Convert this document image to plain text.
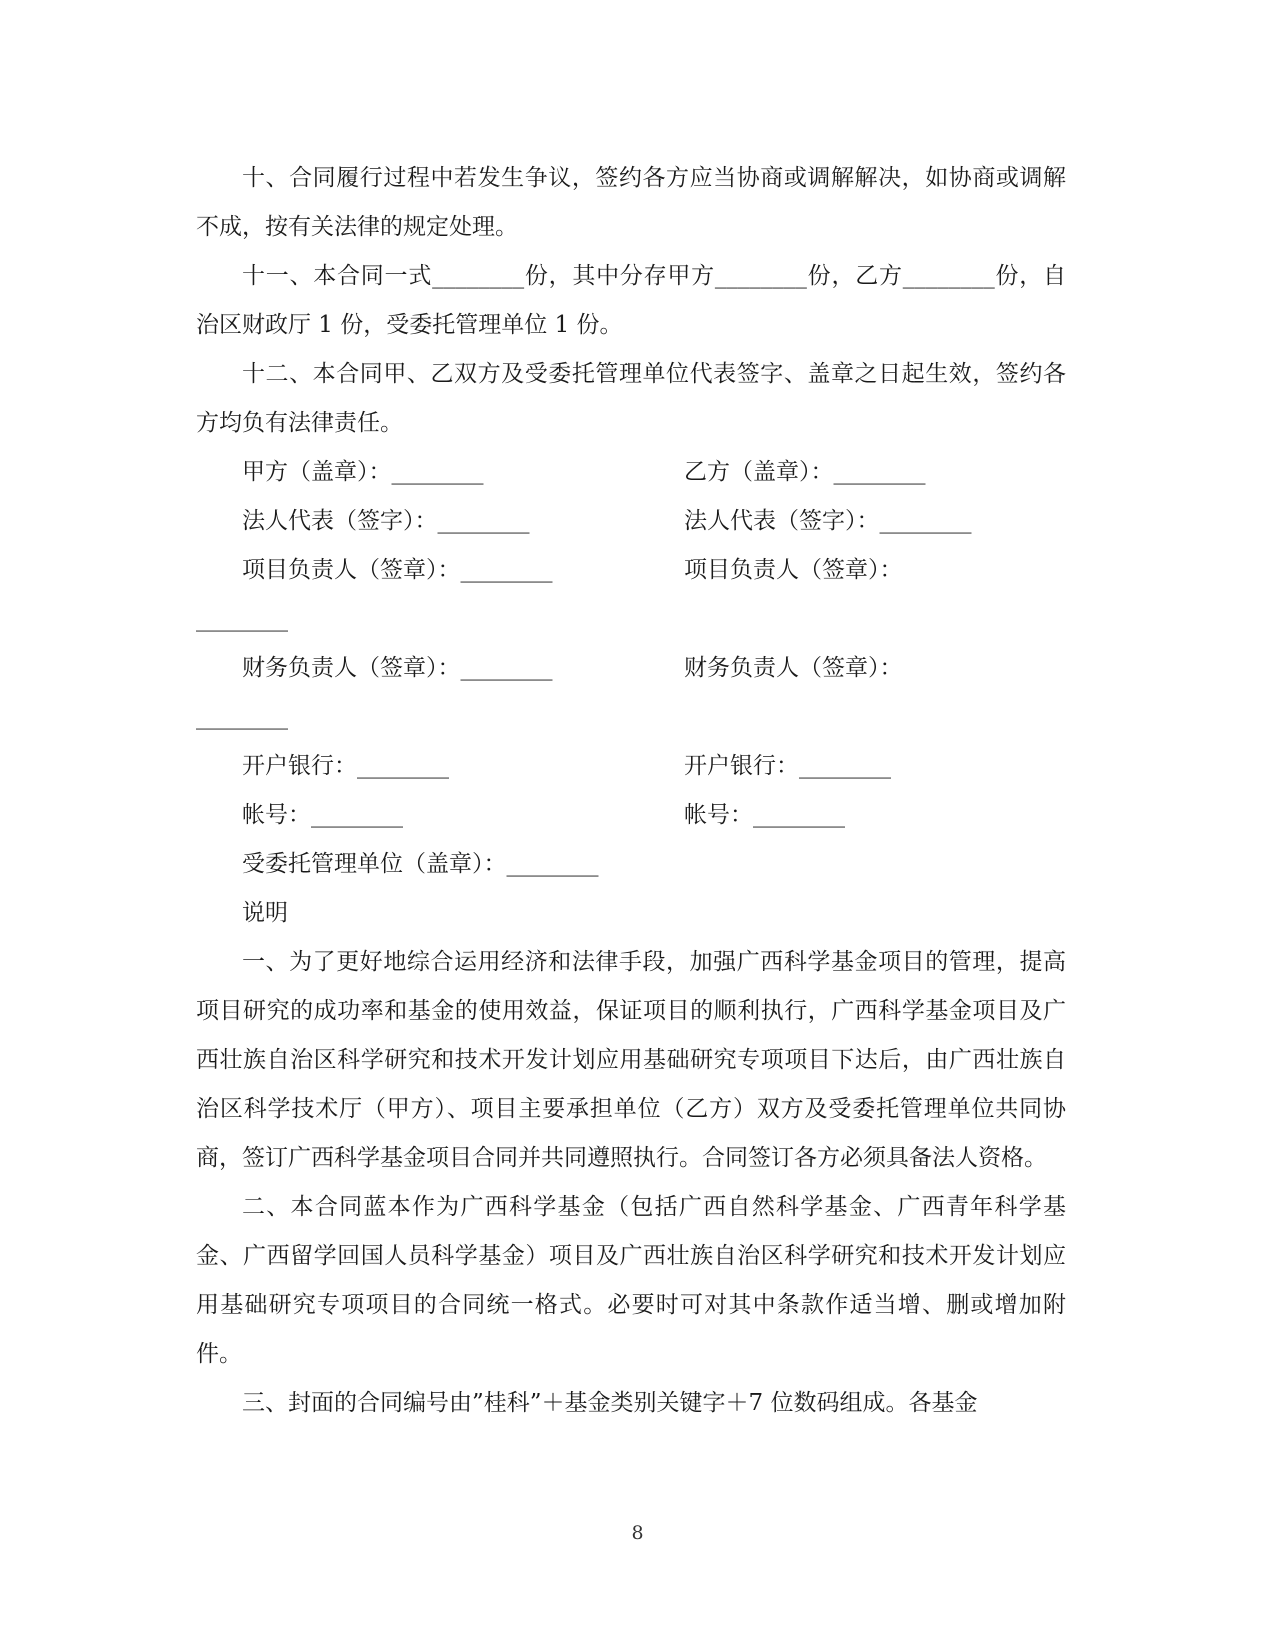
十、合同履行过程中若发生争议，签约各方应当协商或调解解决，如协商或调解不成，按有关法律的规定处理。

十一、本合同一式________份，其中分存甲方________份，乙方________份，自治区财政厅 1 份，受委托管理单位 1 份。

十二、本合同甲、乙双方及受委托管理单位代表签字、盖章之日起生效，签约各方均负有法律责任。

甲方（盖章）：________	乙方（盖章）：________
法人代表（签字）：________	法人代表（签字）：________
项目负责人（签章）：________	项目负责人（签章）：
________
财务负责人（签章）：________	财务负责人（签章）：
________
开户银行：________	开户银行：________
帐号：________	帐号：________
受委托管理单位（盖章）：________
说明

一、为了更好地综合运用经济和法律手段，加强广西科学基金项目的管理，提高项目研究的成功率和基金的使用效益，保证项目的顺利执行，广西科学基金项目及广西壮族自治区科学研究和技术开发计划应用基础研究专项项目下达后，由广西壮族自治区科学技术厅（甲方）、项目主要承担单位（乙方）双方及受委托管理单位共同协商，签订广西科学基金项目合同并共同遵照执行。合同签订各方必须具备法人资格。

二、本合同蓝本作为广西科学基金（包括广西自然科学基金、广西青年科学基金、广西留学回国人员科学基金）项目及广西壮族自治区科学研究和技术开发计划应用基础研究专项项目的合同统一格式。必要时可对其中条款作适当增、删或增加附件。

三、封面的合同编号由”桂科”＋基金类别关键字＋7 位数码组成。各基金

8
